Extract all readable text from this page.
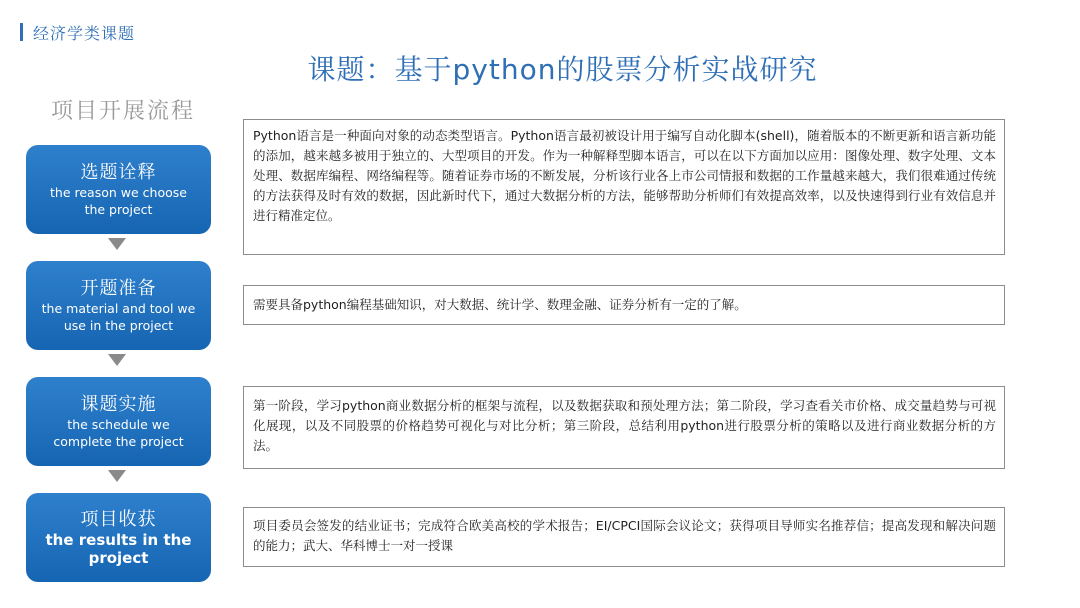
经济学类课题
课题：基于python的股票分析实战研究
项目开展流程
选题诠释
the reason we choose
the project
开题准备
the material and tool we
use in the project
课题实施
the schedule we
complete the project
项目收获
the results in the
project
Python语言是一种面向对象的动态类型语言。Python语言最初被设计用于编写自动化脚本(shell)，随着版本的不断更新和语言新功能的添加，越来越多被用于独立的、大型项目的开发。作为一种解释型脚本语言，可以在以下方面加以应用：图像处理、数字处理、文本处理、数据库编程、网络编程等。随着证券市场的不断发展，分析该行业各上市公司情报和数据的工作量越来越大，我们很难通过传统的方法获得及时有效的数据，因此新时代下，通过大数据分析的方法，能够帮助分析师们有效提高效率，以及快速得到行业有效信息并进行精准定位。
需要具备python编程基础知识，对大数据、统计学、数理金融、证券分析有一定的了解。
第一阶段，学习python商业数据分析的框架与流程，以及数据获取和预处理方法；第二阶段，学习查看关市价格、成交量趋势与可视化展现，以及不同股票的价格趋势可视化与对比分析；第三阶段，总结利用python进行股票分析的策略以及进行商业数据分析的方法。
项目委员会签发的结业证书；完成符合欧美高校的学术报告；EI/CPCI国际会议论文；获得项目导师实名推荐信；提高发现和解决问题的能力；武大、华科博士一对一授课
